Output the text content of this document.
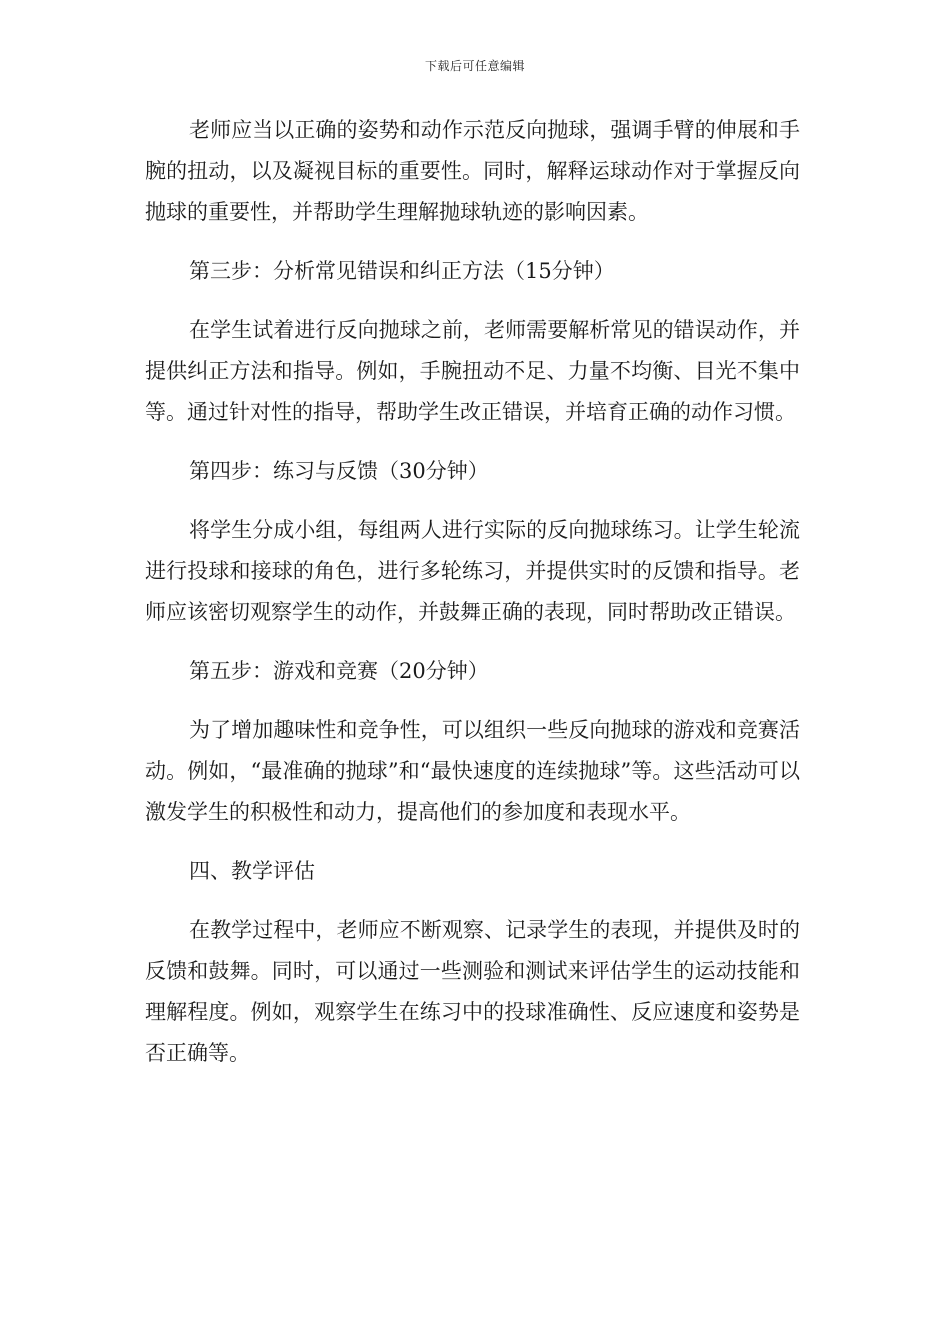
下载后可任意编辑

老师应当以正确的姿势和动作示范反向抛球，强调手臂的伸展和手腕的扭动，以及凝视目标的重要性。同时，解释运球动作对于掌握反向抛球的重要性，并帮助学生理解抛球轨迹的影响因素。

第三步：分析常见错误和纠正方法（15分钟）

在学生试着进行反向抛球之前，老师需要解析常见的错误动作，并提供纠正方法和指导。例如，手腕扭动不足、力量不均衡、目光不集中等。通过针对性的指导，帮助学生改正错误，并培育正确的动作习惯。

第四步：练习与反馈（30分钟）

将学生分成小组，每组两人进行实际的反向抛球练习。让学生轮流进行投球和接球的角色，进行多轮练习，并提供实时的反馈和指导。老师应该密切观察学生的动作，并鼓舞正确的表现，同时帮助改正错误。

第五步：游戏和竞赛（20分钟）

为了增加趣味性和竞争性，可以组织一些反向抛球的游戏和竞赛活动。例如，“最准确的抛球”和“最快速度的连续抛球”等。这些活动可以激发学生的积极性和动力，提高他们的参加度和表现水平。

四、教学评估

在教学过程中，老师应不断观察、记录学生的表现，并提供及时的反馈和鼓舞。同时，可以通过一些测验和测试来评估学生的运动技能和理解程度。例如，观察学生在练习中的投球准确性、反应速度和姿势是否正确等。
